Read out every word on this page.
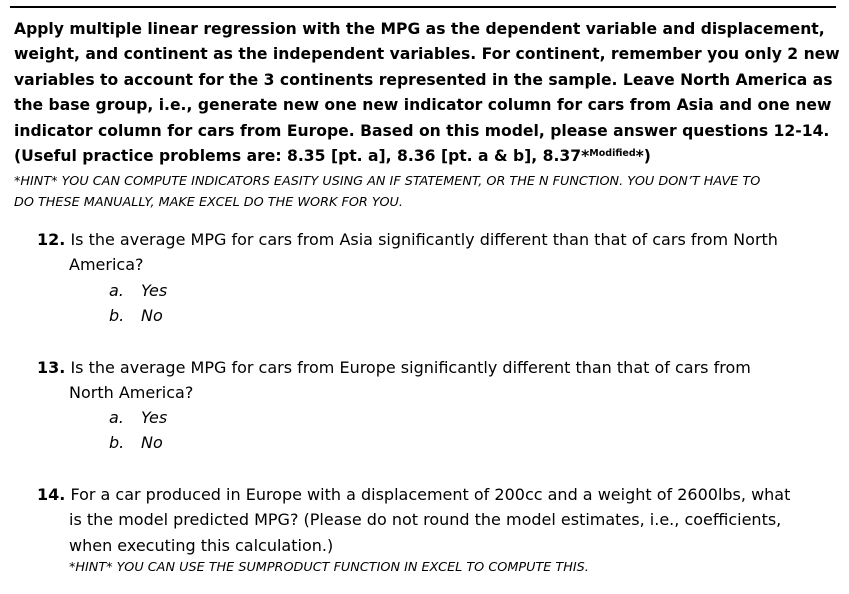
Apply multiple linear regression with the MPG as the dependent variable and displacement,
weight, and continent as the independent variables. For continent, remember you only 2 new
variables to account for the 3 continents represented in the sample. Leave North America as
the base group, i.e., generate new one new indicator column for cars from Asia and one new
indicator column for cars from Europe. Based on this model, please answer questions 12-14.
(Useful practice problems are: 8.35 [pt. a], 8.36 [pt. a & b], 8.37*$^{Modified}$*)
*HINT* YOU CAN COMPUTE INDICATORS EASITY USING AN IF STATEMENT, OR THE N FUNCTION. YOU DON’T HAVE TO
DO THESE MANUALLY, MAKE EXCEL DO THE WORK FOR YOU.
12. Is the average MPG for cars from Asia significantly different than that of cars from North
America?
a. Yes
b. No
13. Is the average MPG for cars from Europe significantly different than that of cars from
North America?
a. Yes
b. No
14. For a car produced in Europe with a displacement of 200cc and a weight of 2600lbs, what
is the model predicted MPG? (Please do not round the model estimates, i.e., coefficients,
when executing this calculation.)
*HINT* YOU CAN USE THE SUMPRODUCT FUNCTION IN EXCEL TO COMPUTE THIS.
